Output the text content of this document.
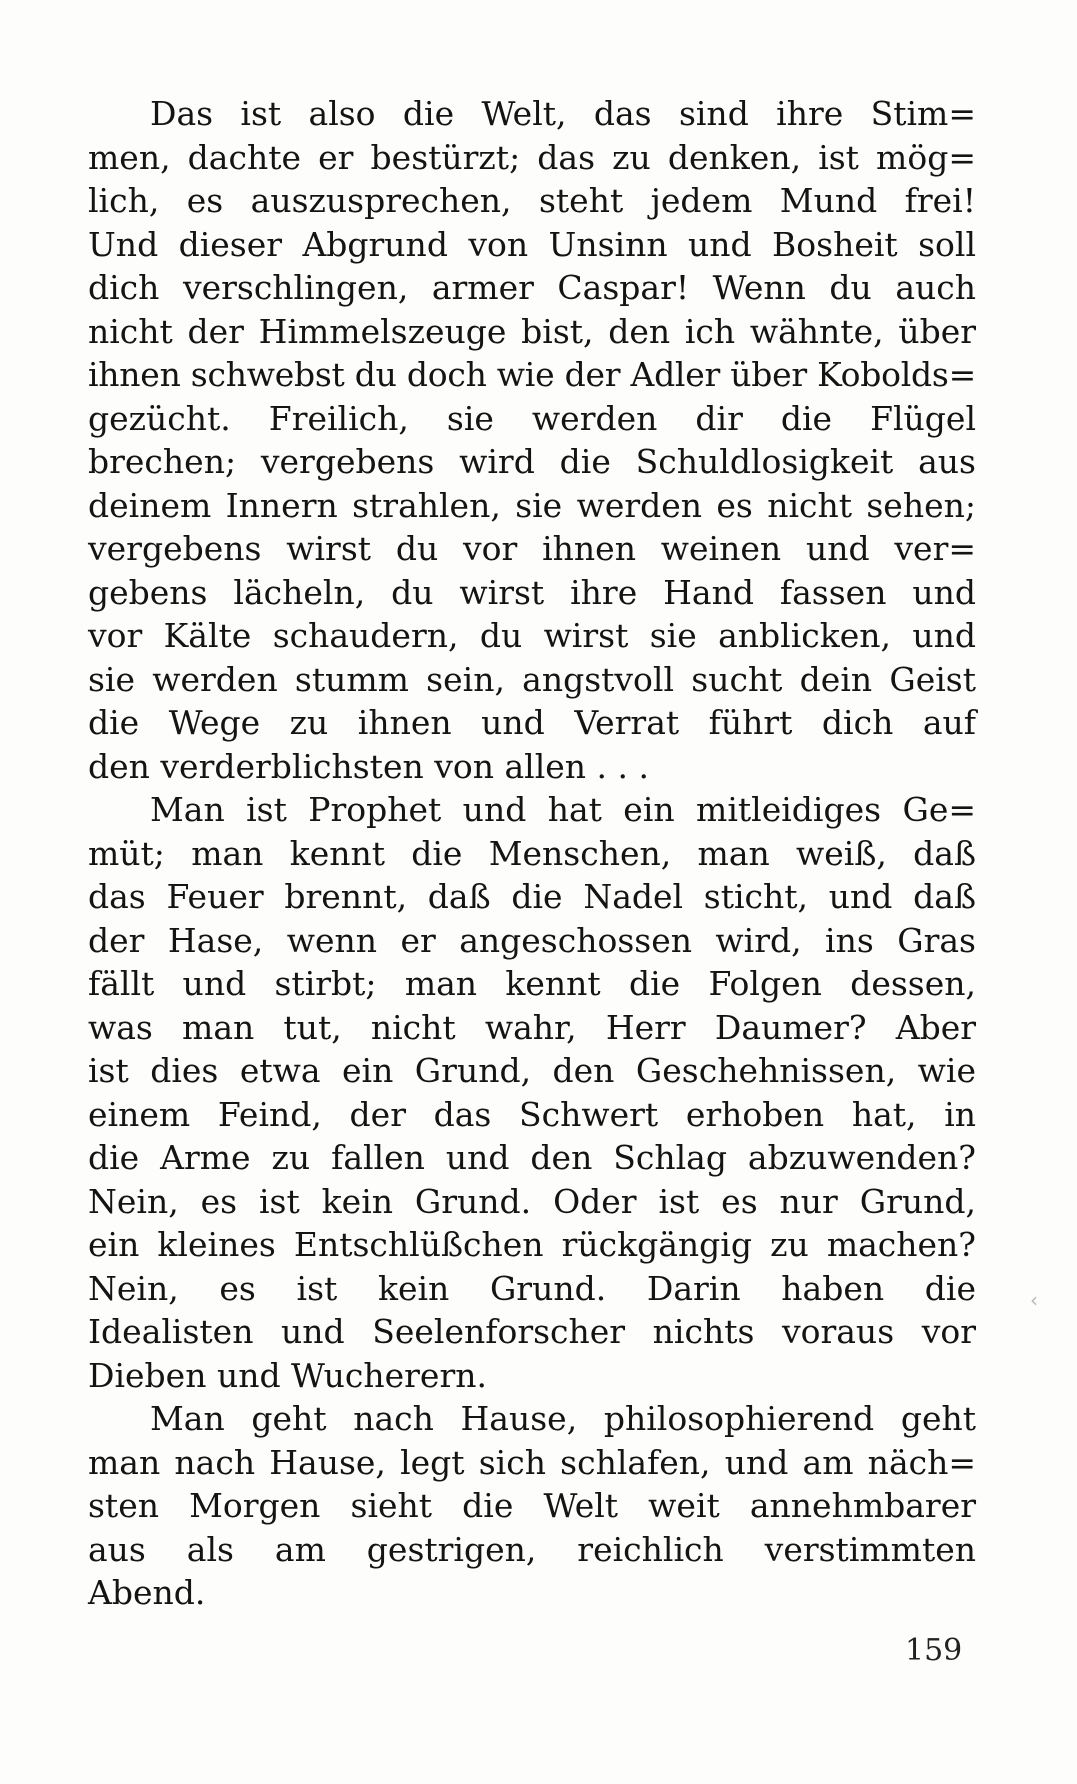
Das ist also die Welt, das sind ihre Stim=
men, dachte er bestürzt; das zu denken, ist mög=
lich, es auszusprechen, steht jedem Mund frei!
Und dieser Abgrund von Unsinn und Bosheit soll
dich verschlingen, armer Caspar! Wenn du auch
nicht der Himmelszeuge bist, den ich wähnte, über
ihnen schwebst du doch wie der Adler über Kobolds=
gezücht. Freilich, sie werden dir die Flügel
brechen; vergebens wird die Schuldlosigkeit aus
deinem Innern strahlen, sie werden es nicht sehen;
vergebens wirst du vor ihnen weinen und ver=
gebens lächeln, du wirst ihre Hand fassen und
vor Kälte schaudern, du wirst sie anblicken, und
sie werden stumm sein, angstvoll sucht dein Geist
die Wege zu ihnen und Verrat führt dich auf
den verderblichsten von allen . . .
Man ist Prophet und hat ein mitleidiges Ge=
müt; man kennt die Menschen, man weiß, daß
das Feuer brennt, daß die Nadel sticht, und daß
der Hase, wenn er angeschossen wird, ins Gras
fällt und stirbt; man kennt die Folgen dessen,
was man tut, nicht wahr, Herr Daumer? Aber
ist dies etwa ein Grund, den Geschehnissen, wie
einem Feind, der das Schwert erhoben hat, in
die Arme zu fallen und den Schlag abzuwenden?
Nein, es ist kein Grund. Oder ist es nur Grund,
ein kleines Entschlüßchen rückgängig zu machen?
Nein, es ist kein Grund. Darin haben die
Idealisten und Seelenforscher nichts voraus vor
Dieben und Wucherern.
Man geht nach Hause, philosophierend geht
man nach Hause, legt sich schlafen, und am näch=
sten Morgen sieht die Welt weit annehmbarer
aus als am gestrigen, reichlich verstimmten
Abend.
159
‹
